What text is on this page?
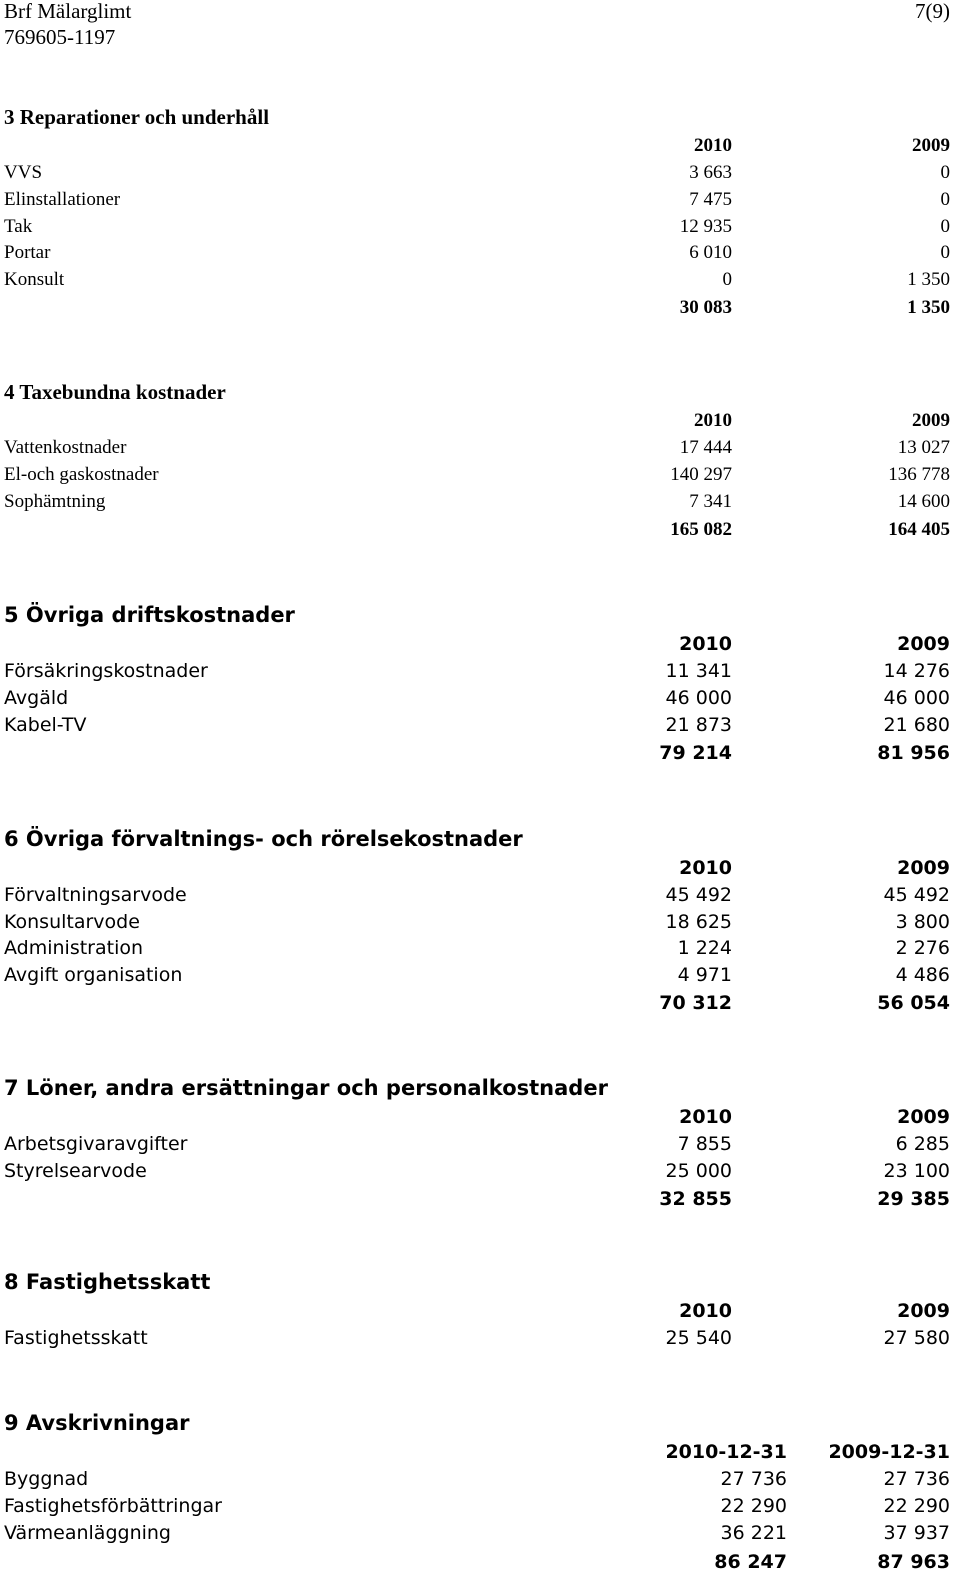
Brf Mälarglimt
769605-1197
7(9)
3 Reparationer och underhåll
2010	2009
VVS	3 663	0
Elinstallationer	7 475	0
Tak	12 935	0
Portar	6 010	0
Konsult	0	1 350
30 083	1 350
4 Taxebundna kostnader
2010	2009
Vattenkostnader	17 444	13 027
El-och gaskostnader	140 297	136 778
Sophämtning	7 341	14 600
165 082	164 405
5 Övriga driftskostnader
2010	2009
Försäkringskostnader	11 341	14 276
Avgäld	46 000	46 000
Kabel-TV	21 873	21 680
79 214	81 956
6 Övriga förvaltnings- och rörelsekostnader
2010	2009
Förvaltningsarvode	45 492	45 492
Konsultarvode	18 625	3 800
Administration	1 224	2 276
Avgift organisation	4 971	4 486
70 312	56 054
7 Löner, andra ersättningar och personalkostnader
2010	2009
Arbetsgivaravgifter	7 855	6 285
Styrelsearvode	25 000	23 100
32 855	29 385
8 Fastighetsskatt
2010	2009
Fastighetsskatt	25 540	27 580
9 Avskrivningar
2010-12-31 2009-12-31
Byggnad	27 736	27 736
Fastighetsförbättringar	22 290	22 290
Värmeanläggning	36 221	37 937
86 247	87 963
